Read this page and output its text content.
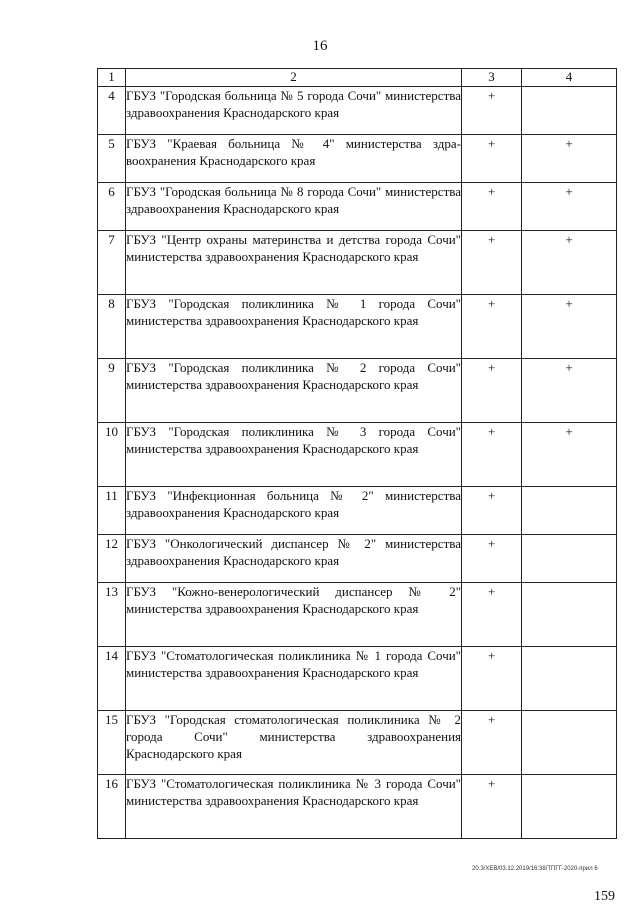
16
1	2	3	4
4	ГБУЗ "Городская больница № 5 города Сочи" министерства здравоохранения Краснодарского края	+	
5	ГБУЗ "Краевая больница № 4" министерства здравоохранения Краснодарского края	+	+
6	ГБУЗ "Городская больница № 8 города Сочи" министерства здравоохранения Краснодарского края	+	+
7	ГБУЗ "Центр охраны материнства и детства города Сочи" министерства здравоохранения Краснодарского края	+	+
8	ГБУЗ "Городская поликлиника № 1 города Сочи" министерства здравоохранения Краснодарского края	+	+
9	ГБУЗ "Городская поликлиника № 2 города Сочи" министерства здравоохранения Краснодарского края	+	+
10	ГБУЗ "Городская поликлиника № 3 города Сочи" министерства здравоохранения Краснодарского края	+	+
11	ГБУЗ "Инфекционная больница № 2" министерства здравоохранения Краснодарского края	+	
12	ГБУЗ "Онкологический диспансер № 2" министерства здравоохранения Краснодарского края	+	
13	ГБУЗ "Кожно-венерологический диспансер № 2" министерства здравоохранения Краснодарского края	+	
14	ГБУЗ "Стоматологическая поликлиника № 1 города Сочи" министерства здравоохранения Краснодарского края	+	
15	ГБУЗ "Городская стоматологическая поликлиника № 2 города Сочи" министерства здравоохранения Краснодарского края	+	
16	ГБУЗ "Стоматологическая поликлиника № 3 города Сочи" министерства здравоохранения Краснодарского края	+	
20.3/ХЕВ/03.12.2019/16:38/ТПГГ-2020-прил 6
159
